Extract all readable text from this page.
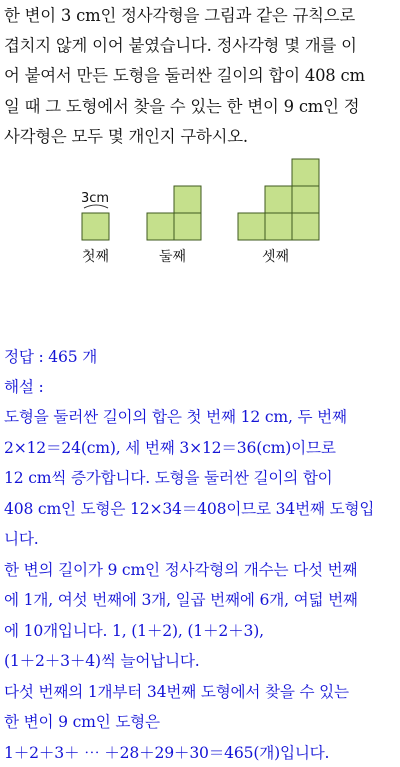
한 변이 3 cm인 정사각형을 그림과 같은 규칙으로
겹치지 않게 이어 붙였습니다. 정사각형 몇 개를 이
어 붙여서 만든 도형을 둘러싼 길이의 합이 408 cm
일 때 그 도형에서 찾을 수 있는 한 변이 9 cm인 정
사각형은 모두 몇 개인지 구하시오.
3cm
첫째	둘째	셋째
정답 : 465 개
해설 :
도형을 둘러싼 길이의 합은 첫 번째 12 cm, 두 번째
2×12＝24(cm), 세 번째 3×12＝36(cm)이므로
12 cm씩 증가합니다. 도형을 둘러싼 길이의 합이
408 cm인 도형은 12×34＝408이므로 34번째 도형입
니다.
한 변의 길이가 9 cm인 정사각형의 개수는 다섯 번째
에 1개, 여섯 번째에 3개, 일곱 번째에 6개, 여덟 번째
에 10개입니다. 1, (1＋2), (1＋2＋3),
(1＋2＋3＋4)씩 늘어납니다.
다섯 번째의 1개부터 34번째 도형에서 찾을 수 있는
한 변이 9 cm인 도형은
1＋2＋3＋ ⋯ ＋28＋29＋30＝465(개)입니다.
